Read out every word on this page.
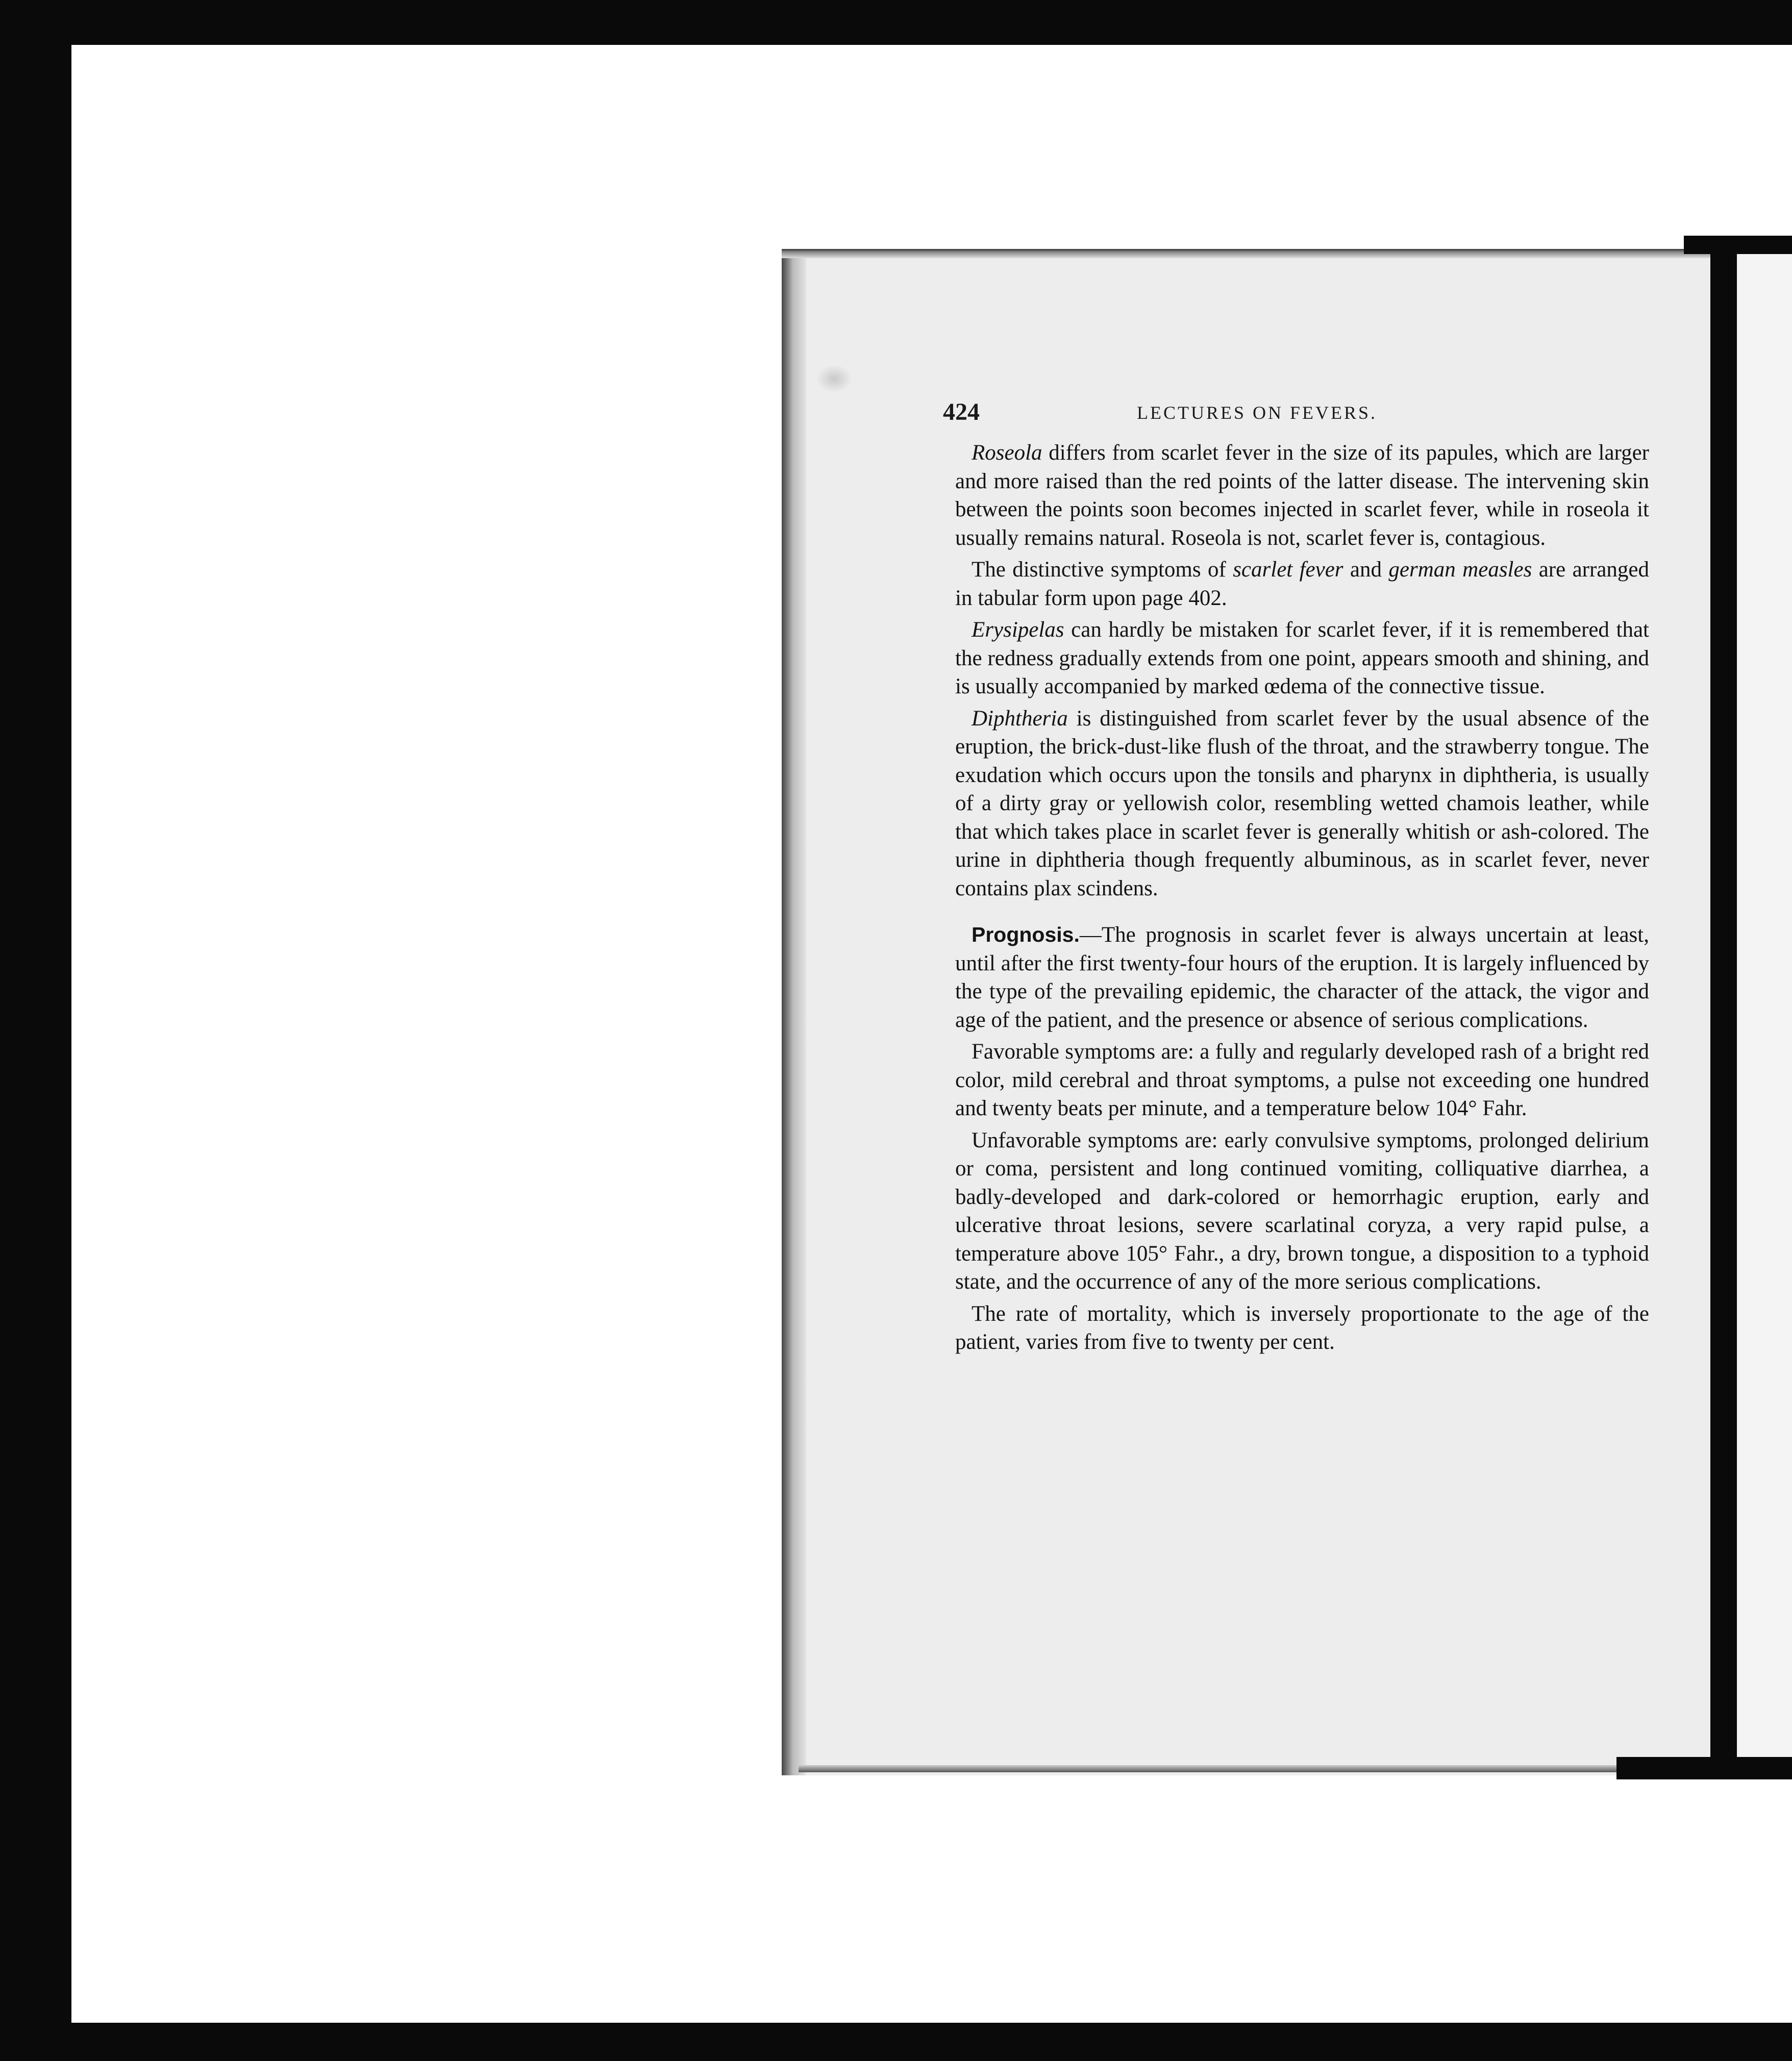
424	LECTURES ON FEVERS.

Roseola differs from scarlet fever in the size of its papules, which are larger and more raised than the red points of the latter disease. The intervening skin between the points soon becomes injected in scarlet fever, while in roseola it usually remains natural. Roseola is not, scarlet fever is, contagious.

The distinctive symptoms of scarlet fever and german measles are arranged in tabular form upon page 402.

Erysipelas can hardly be mistaken for scarlet fever, if it is remembered that the redness gradually extends from one point, appears smooth and shining, and is usually accompanied by marked œdema of the connective tissue.

Diphtheria is distinguished from scarlet fever by the usual absence of the eruption, the brick-dust-like flush of the throat, and the strawberry tongue. The exudation which occurs upon the tonsils and pharynx in diphtheria, is usually of a dirty gray or yellowish color, resembling wetted chamois leather, while that which takes place in scarlet fever is generally whitish or ash-colored. The urine in diphtheria though frequently albuminous, as in scarlet fever, never contains plax scindens.

Prognosis.—The prognosis in scarlet fever is always uncertain at least, until after the first twenty-four hours of the eruption. It is largely influenced by the type of the prevailing epidemic, the character of the attack, the vigor and age of the patient, and the presence or absence of serious complications.

Favorable symptoms are: a fully and regularly developed rash of a bright red color, mild cerebral and throat symptoms, a pulse not exceeding one hundred and twenty beats per minute, and a temperature below 104° Fahr.

Unfavorable symptoms are: early convulsive symptoms, prolonged delirium or coma, persistent and long continued vomiting, colliquative diarrhea, a badly-developed and dark-colored or hemorrhagic eruption, early and ulcerative throat lesions, severe scarlatinal coryza, a very rapid pulse, a temperature above 105° Fahr., a dry, brown tongue, a disposition to a typhoid state, and the occurrence of any of the more serious complications.

The rate of mortality, which is inversely proportionate to the age of the patient, varies from five to twenty per cent.
